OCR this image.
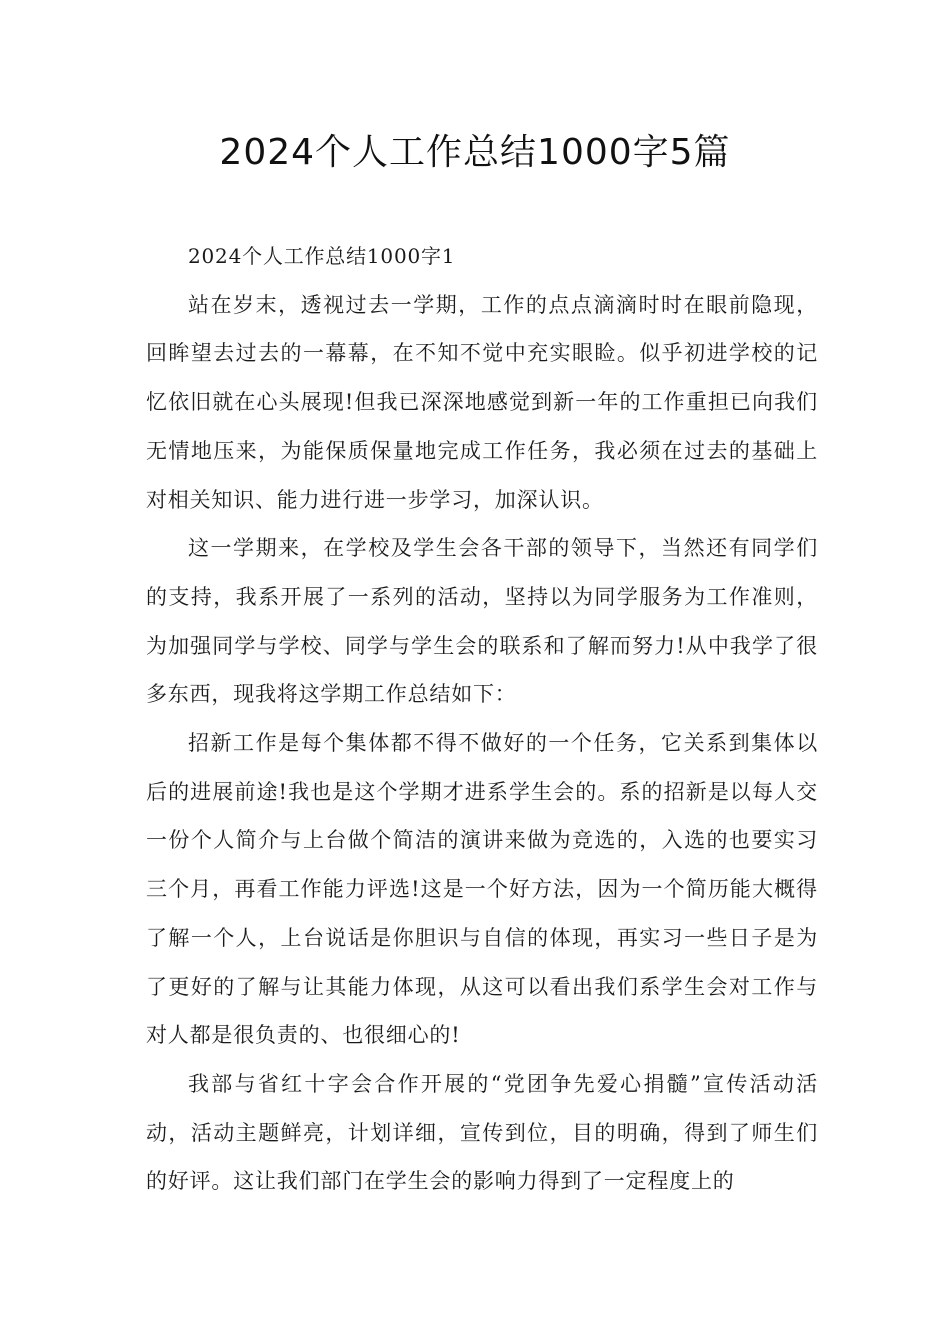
2024个人工作总结1000字5篇

2024个人工作总结1000字1

站在岁末，透视过去一学期，工作的点点滴滴时时在眼前隐现，回眸望去过去的一幕幕，在不知不觉中充实眼睑。似乎初进学校的记忆依旧就在心头展现!但我已深深地感觉到新一年的工作重担已向我们无情地压来，为能保质保量地完成工作任务，我必须在过去的基础上对相关知识、能力进行进一步学习，加深认识。

这一学期来，在学校及学生会各干部的领导下，当然还有同学们的支持，我系开展了一系列的活动，坚持以为同学服务为工作准则，为加强同学与学校、同学与学生会的联系和了解而努力!从中我学了很多东西，现我将这学期工作总结如下：

招新工作是每个集体都不得不做好的一个任务，它关系到集体以后的进展前途!我也是这个学期才进系学生会的。系的招新是以每人交一份个人简介与上台做个简洁的演讲来做为竞选的，入选的也要实习三个月，再看工作能力评选!这是一个好方法，因为一个简历能大概得了解一个人，上台说话是你胆识与自信的体现，再实习一些日子是为了更好的了解与让其能力体现，从这可以看出我们系学生会对工作与对人都是很负责的、也很细心的!

我部与省红十字会合作开展的“党团争先爱心捐髓”宣传活动活动，活动主题鲜亮，计划详细，宣传到位，目的明确，得到了师生们的好评。这让我们部门在学生会的影响力得到了一定程度上的
